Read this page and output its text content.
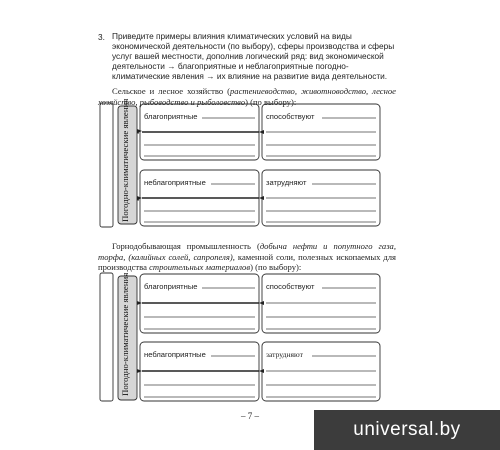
3. Приведите примеры влияния климатических условий на виды экономической деятельности (по выбору), сферы производства и сферы услуг вашей местности, дополнив логический ряд: вид экономической деятельности → благоприятные и неблагоприятные погодно-климатические явления → их влияние на развитие вида деятельности.
Сельское и лесное хозяйство (растениеводство, животноводство, лесное хозяйство, рыбоводство и рыболовство) (по выбору):
Погодно-климатические явления благоприятные	способствуют
неблагоприятные	затрудняют
Горнодобывающая промышленность (добыча нефти и попутного газа, торфа, (калийных солей, сапропеля), каменной соли, полезных ископаемых для производства строительных материалов) (по выбору):
Погодно-климатические явления благоприятные	способствуют
неблагоприятные	затрудняют
– 7 –
universal.by
